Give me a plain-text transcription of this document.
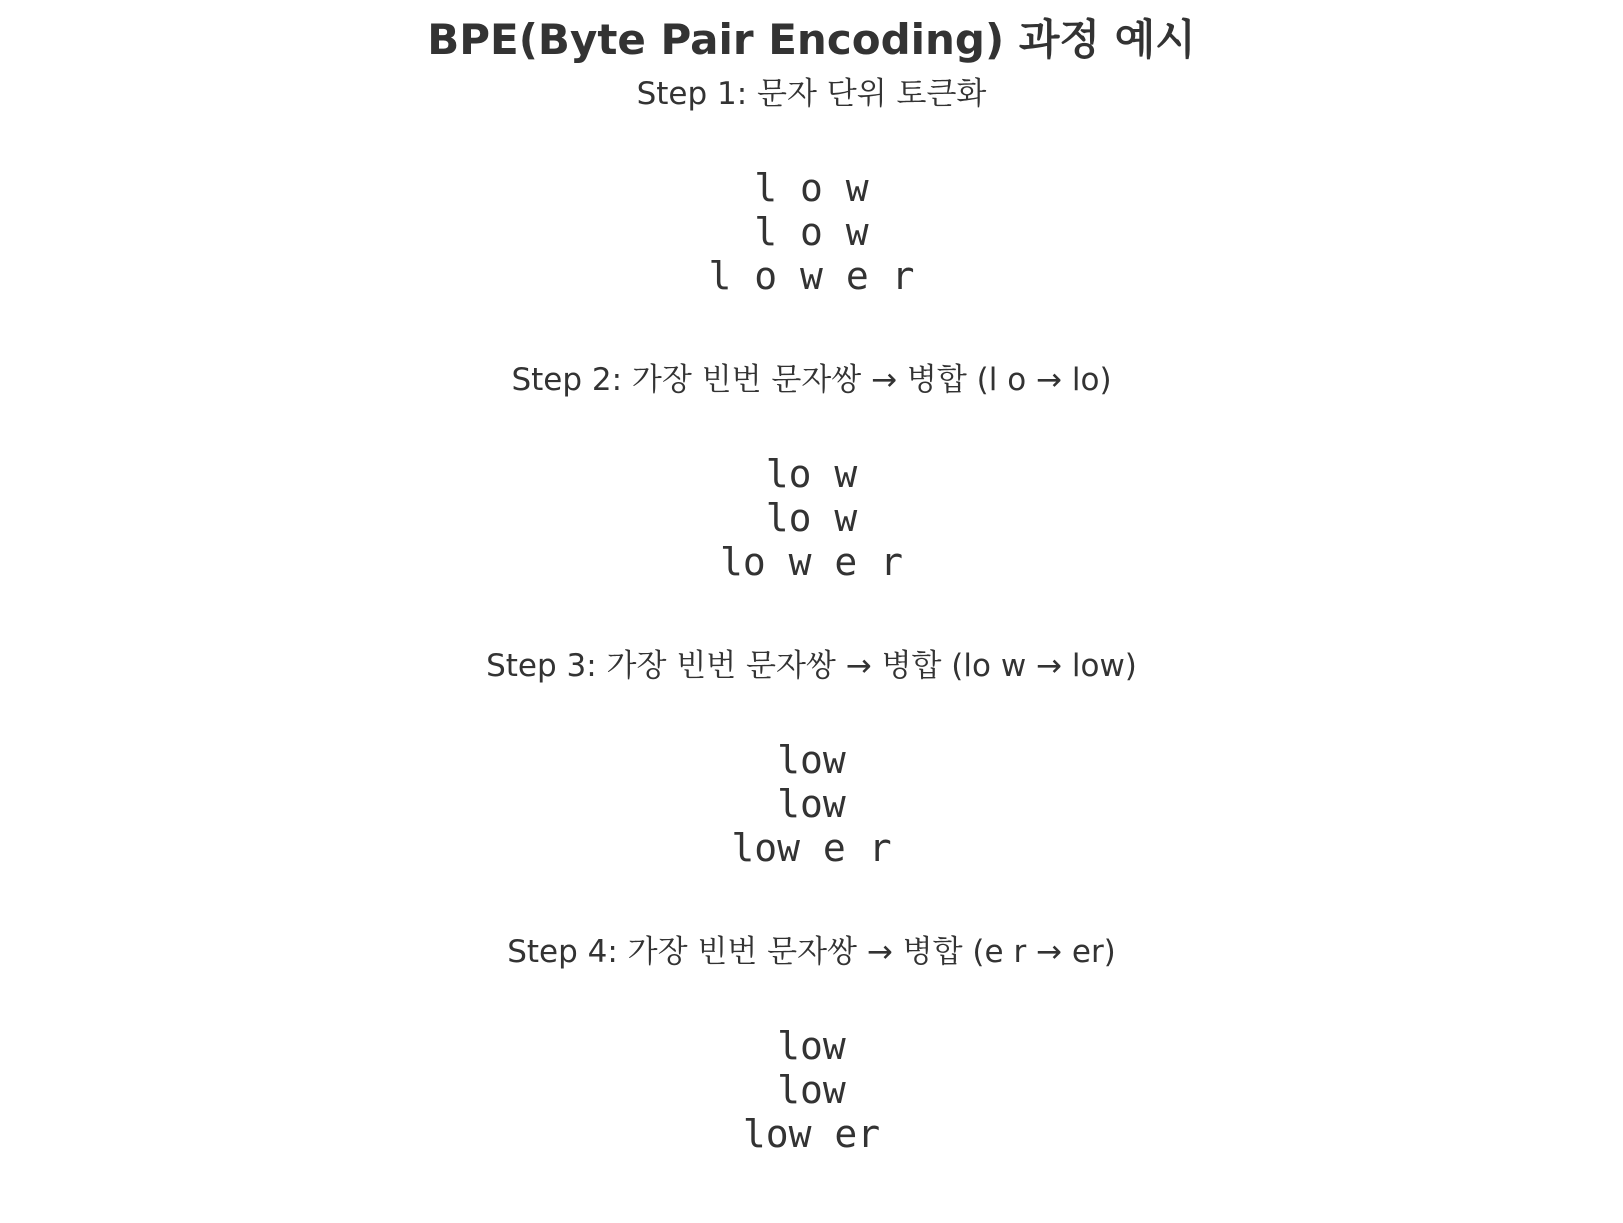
BPE(Byte Pair Encoding) 과정 예시
Step 1: 문자 단위 토큰화
l o w
l o w
l o w e r
Step 2: 가장 빈번 문자쌍 → 병합 (l o → lo)
lo w
lo w
lo w e r
Step 3: 가장 빈번 문자쌍 → 병합 (lo w → low)
low
low
low e r
Step 4: 가장 빈번 문자쌍 → 병합 (e r → er)
low
low
low er
